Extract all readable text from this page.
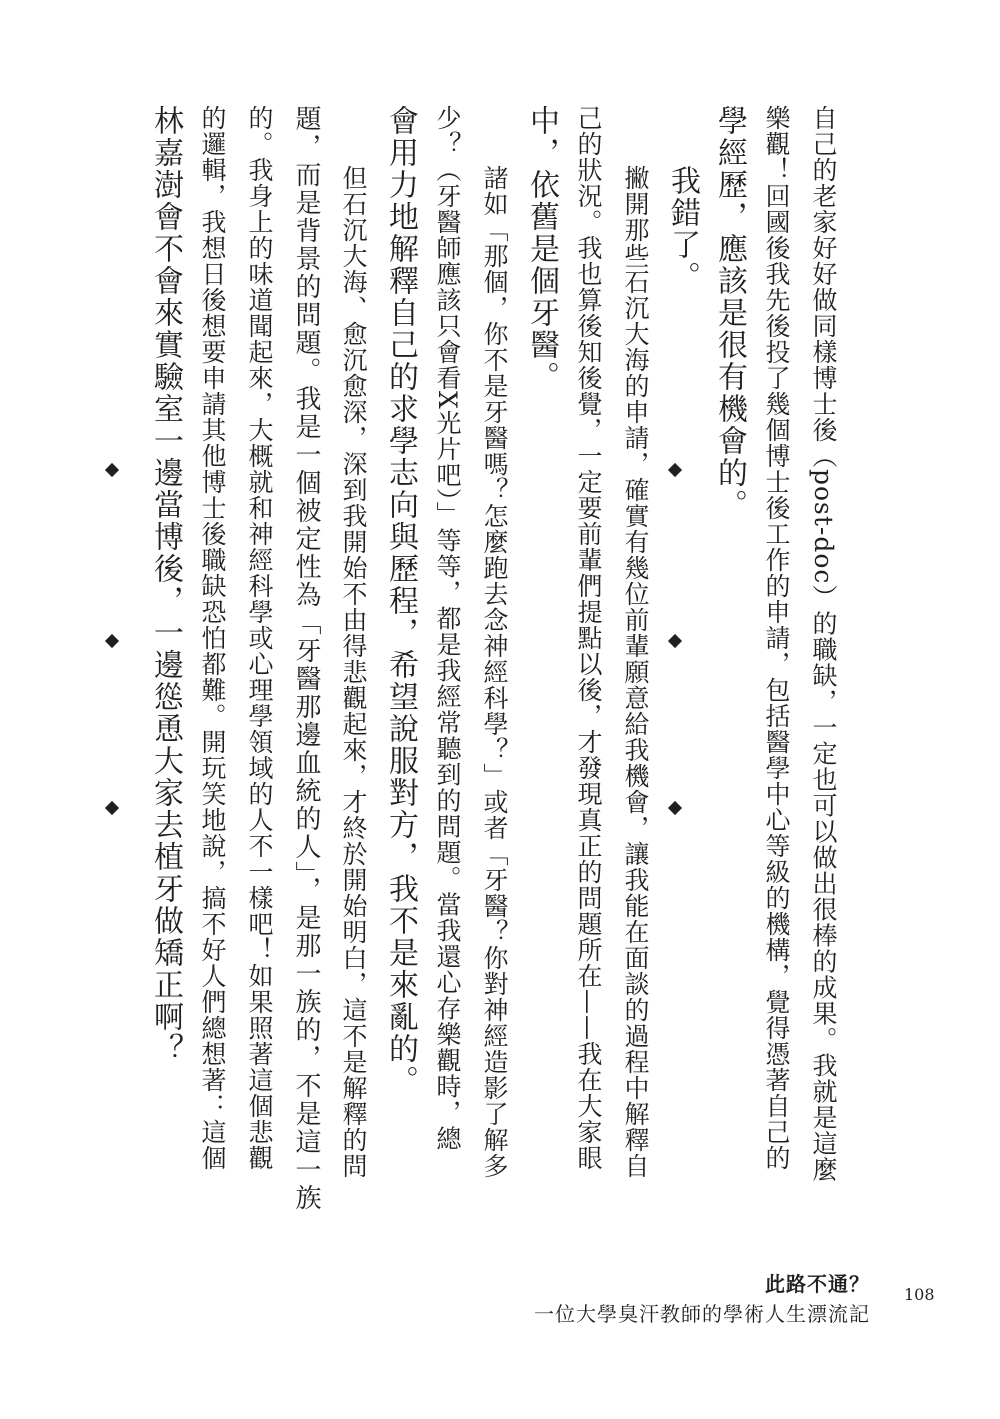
自己的老家好好做同樣博士後（post-doc）的職缺，一定也可以做出很棒的成果。我就是這麼

樂觀！回國後我先後投了幾個博士後工作的申請，包括醫學中心等級的機構，覺得憑著自己的

學經歷，應該是很有機會的。

我錯了。

撇開那些石沉大海的申請，確實有幾位前輩願意給我機會，讓我能在面談的過程中解釋自

己的狀況。我也算後知後覺，一定要前輩們提點以後，才發現真正的問題所在——我在大家眼

中，依舊是個牙醫。

諸如「那個，你不是牙醫嗎？怎麼跑去念神經科學？」或者「牙醫？你對神經造影了解多

少？（牙醫師應該只會看X光片吧）」等等，都是我經常聽到的問題。當我還心存樂觀時，總

會用力地解釋自己的求學志向與歷程，希望說服對方，我不是來亂的。

但石沉大海、愈沉愈深，深到我開始不由得悲觀起來，才終於開始明白，這不是解釋的問

題，而是背景的問題。我是一個被定性為「牙醫那邊血統的人」，是那一族的，不是這一族

的。我身上的味道聞起來，大概就和神經科學或心理學領域的人不一樣吧！如果照著這個悲觀

的邏輯，我想日後想要申請其他博士後職缺恐怕都難。開玩笑地說，搞不好人們總想著：這個

林嘉澍會不會來實驗室一邊當博後，一邊慫恿大家去植牙做矯正啊？

此路不通？
一位大學臭汗教師的學術人生漂流記
108
